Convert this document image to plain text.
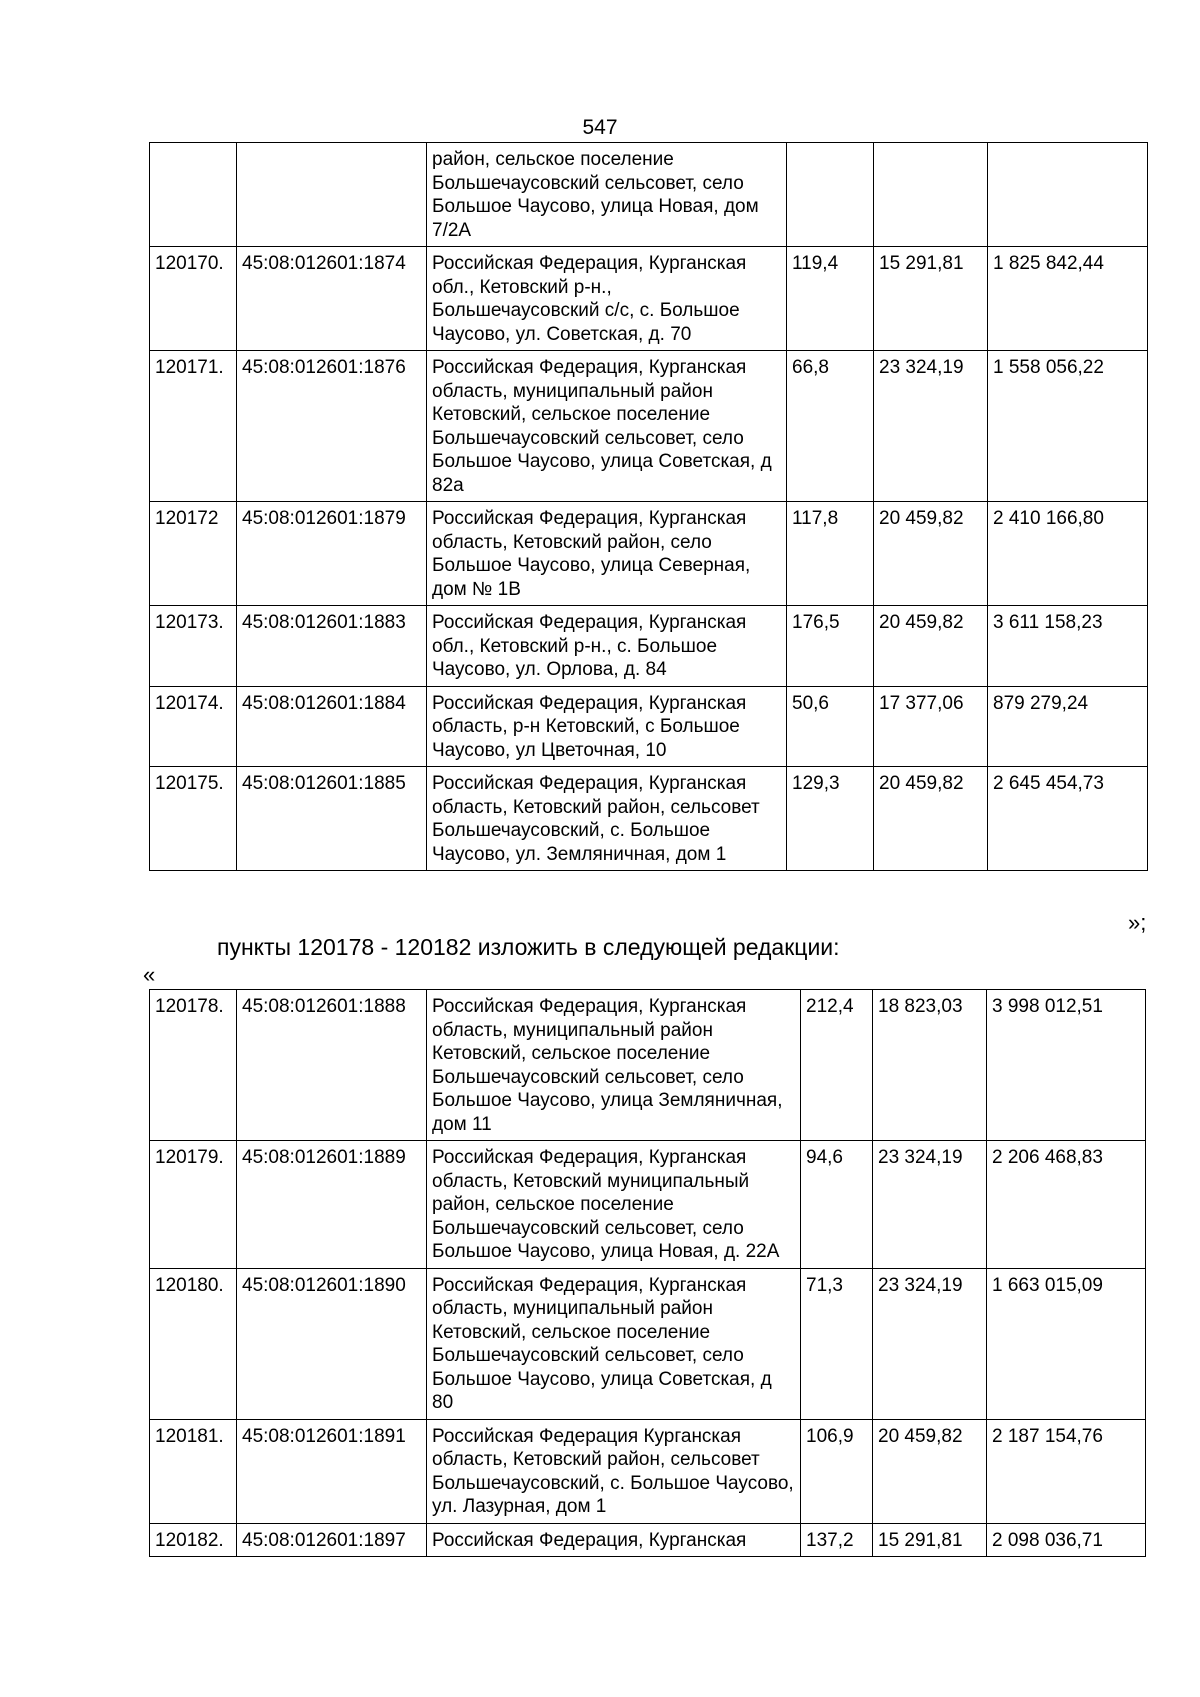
547
		район, сельское поселение Большечаусовский сельсовет, село Большое Чаусово, улица Новая, дом 7/2А			
120170.	45:08:012601:1874	Российская Федерация, Курганская обл., Кетовский р-н., Большечаусовский с/с, с. Большое Чаусово, ул. Советская, д. 70	119,4	15 291,81	1 825 842,44
120171.	45:08:012601:1876	Российская Федерация, Курганская область, муниципальный район Кетовский, сельское поселение Большечаусовский сельсовет, село Большое Чаусово, улица Советская, д 82а	66,8	23 324,19	1 558 056,22
120172	45:08:012601:1879	Российская Федерация, Курганская область, Кетовский район, село Большое Чаусово, улица Северная, дом № 1В	117,8	20 459,82	2 410 166,80
120173.	45:08:012601:1883	Российская Федерация, Курганская обл., Кетовский р-н., с. Большое Чаусово, ул. Орлова, д. 84	176,5	20 459,82	3 611 158,23
120174.	45:08:012601:1884	Российская Федерация, Курганская область, р-н Кетовский, с Большое Чаусово, ул Цветочная, 10	50,6	17 377,06	879 279,24
120175.	45:08:012601:1885	Российская Федерация, Курганская область, Кетовский район, сельсовет Большечаусовский, с. Большое Чаусово, ул. Земляничная, дом 1	129,3	20 459,82	2 645 454,73
»;
пункты 120178 - 120182 изложить в следующей редакции:
«
120178.	45:08:012601:1888	Российская Федерация, Курганская область, муниципальный район Кетовский, сельское поселение Большечаусовский сельсовет, село Большое Чаусово, улица Земляничная, дом 11	212,4	18 823,03	3 998 012,51
120179.	45:08:012601:1889	Российская Федерация, Курганская область, Кетовский муниципальный район, сельское поселение Большечаусовский сельсовет, село Большое Чаусово, улица Новая, д. 22А	94,6	23 324,19	2 206 468,83
120180.	45:08:012601:1890	Российская Федерация, Курганская область, муниципальный район Кетовский, сельское поселение Большечаусовский сельсовет, село Большое Чаусово, улица Советская, д 80	71,3	23 324,19	1 663 015,09
120181.	45:08:012601:1891	Российская Федерация Курганская область, Кетовский район, сельсовет Большечаусовский, с. Большое Чаусово, ул. Лазурная, дом 1	106,9	20 459,82	2 187 154,76
120182.	45:08:012601:1897	Российская Федерация, Курганская	137,2	15 291,81	2 098 036,71
